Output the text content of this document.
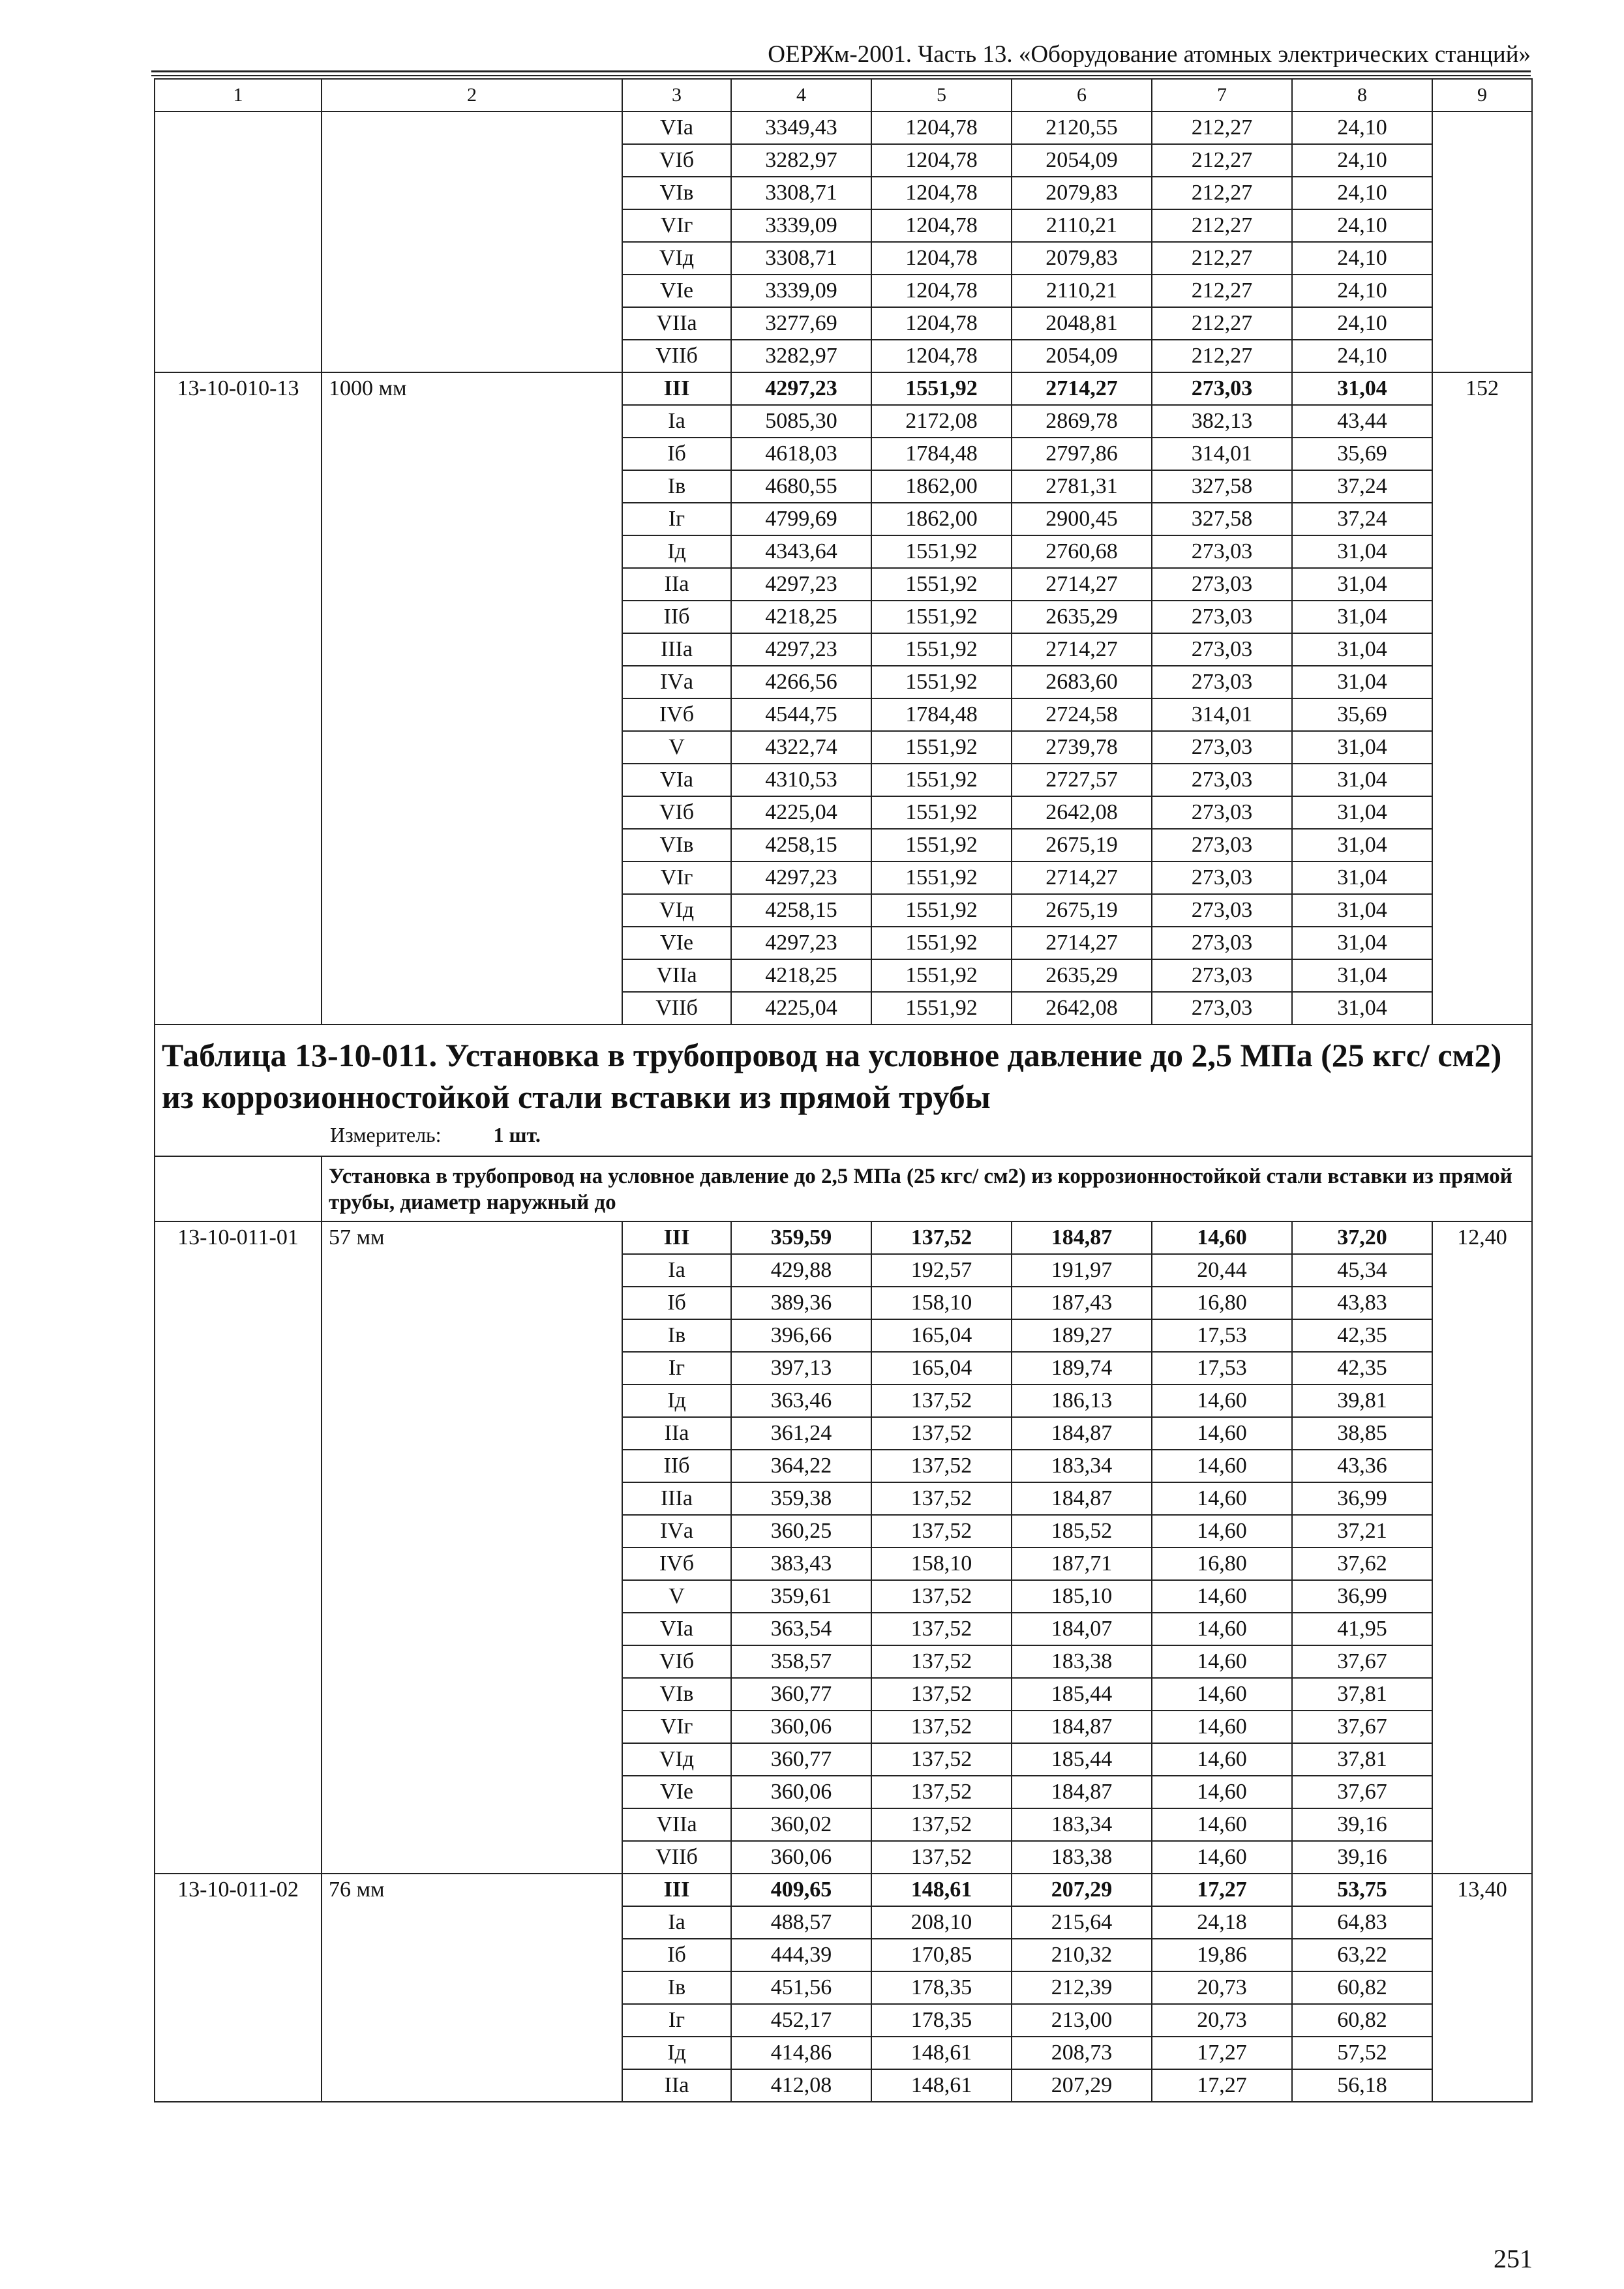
ОЕРЖм-2001. Часть 13. «Оборудование атомных электрических станций»
1	2	3	4	5	6	7	8	9
		VIа	3349,43	1204,78	2120,55	212,27	24,10	
		VIб	3282,97	1204,78	2054,09	212,27	24,10	
		VIв	3308,71	1204,78	2079,83	212,27	24,10	
		VIг	3339,09	1204,78	2110,21	212,27	24,10	
		VIд	3308,71	1204,78	2079,83	212,27	24,10	
		VIе	3339,09	1204,78	2110,21	212,27	24,10	
		VIIа	3277,69	1204,78	2048,81	212,27	24,10	
		VIIб	3282,97	1204,78	2054,09	212,27	24,10	
13-10-010-13	1000 мм	III	4297,23	1551,92	2714,27	273,03	31,04	152
		Iа	5085,30	2172,08	2869,78	382,13	43,44	
		Iб	4618,03	1784,48	2797,86	314,01	35,69	
		Iв	4680,55	1862,00	2781,31	327,58	37,24	
		Iг	4799,69	1862,00	2900,45	327,58	37,24	
		Iд	4343,64	1551,92	2760,68	273,03	31,04	
		IIа	4297,23	1551,92	2714,27	273,03	31,04	
		IIб	4218,25	1551,92	2635,29	273,03	31,04	
		IIIа	4297,23	1551,92	2714,27	273,03	31,04	
		IVа	4266,56	1551,92	2683,60	273,03	31,04	
		IVб	4544,75	1784,48	2724,58	314,01	35,69	
		V	4322,74	1551,92	2739,78	273,03	31,04	
		VIа	4310,53	1551,92	2727,57	273,03	31,04	
		VIб	4225,04	1551,92	2642,08	273,03	31,04	
		VIв	4258,15	1551,92	2675,19	273,03	31,04	
		VIг	4297,23	1551,92	2714,27	273,03	31,04	
		VIд	4258,15	1551,92	2675,19	273,03	31,04	
		VIе	4297,23	1551,92	2714,27	273,03	31,04	
		VIIа	4218,25	1551,92	2635,29	273,03	31,04	
		VIIб	4225,04	1551,92	2642,08	273,03	31,04	

Таблица 13-10-011. Установка в трубопровод на условное давление до 2,5 МПа (25 кгс/ см2) из коррозионностойкой стали вставки из прямой трубы
Измеритель: 1 шт.								

	Установка в трубопровод на условное давление до 2,5 МПа (25 кгс/ см2) из коррозионностойкой стали вставки из прямой трубы, диаметр наружный до							
13-10-011-01	57 мм	III	359,59	137,52	184,87	14,60	37,20	12,40
		Iа	429,88	192,57	191,97	20,44	45,34	
		Iб	389,36	158,10	187,43	16,80	43,83	
		Iв	396,66	165,04	189,27	17,53	42,35	
		Iг	397,13	165,04	189,74	17,53	42,35	
		Iд	363,46	137,52	186,13	14,60	39,81	
		IIа	361,24	137,52	184,87	14,60	38,85	
		IIб	364,22	137,52	183,34	14,60	43,36	
		IIIа	359,38	137,52	184,87	14,60	36,99	
		IVа	360,25	137,52	185,52	14,60	37,21	
		IVб	383,43	158,10	187,71	16,80	37,62	
		V	359,61	137,52	185,10	14,60	36,99	
		VIа	363,54	137,52	184,07	14,60	41,95	
		VIб	358,57	137,52	183,38	14,60	37,67	
		VIв	360,77	137,52	185,44	14,60	37,81	
		VIг	360,06	137,52	184,87	14,60	37,67	
		VIд	360,77	137,52	185,44	14,60	37,81	
		VIе	360,06	137,52	184,87	14,60	37,67	
		VIIа	360,02	137,52	183,34	14,60	39,16	
		VIIб	360,06	137,52	183,38	14,60	39,16	
13-10-011-02	76 мм	III	409,65	148,61	207,29	17,27	53,75	13,40
		Iа	488,57	208,10	215,64	24,18	64,83	
		Iб	444,39	170,85	210,32	19,86	63,22	
		Iв	451,56	178,35	212,39	20,73	60,82	
		Iг	452,17	178,35	213,00	20,73	60,82	
		Iд	414,86	148,61	208,73	17,27	57,52	
		IIа	412,08	148,61	207,29	17,27	56,18	
251
